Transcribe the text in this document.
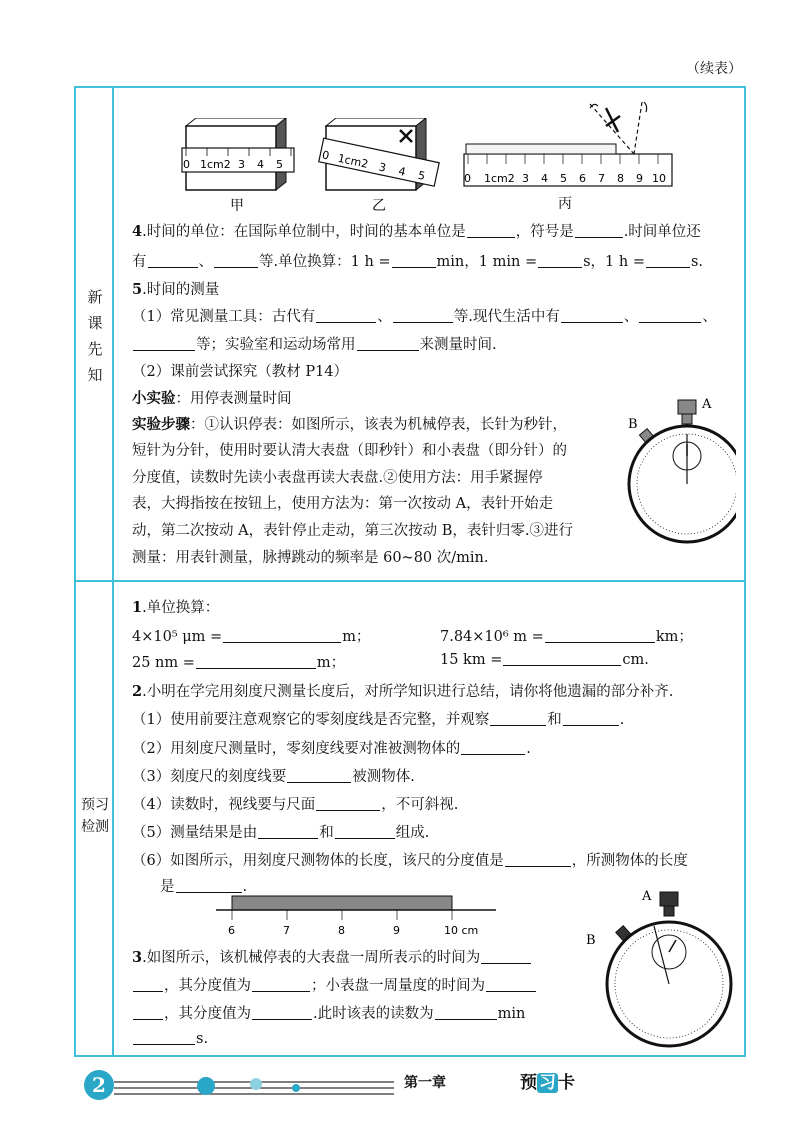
（续表）
新
课
先
知
预习
检测
0 1cm2 3 4 5
甲
0 1cm2 3 4 5
乙
0 1cm2 3 4 5 6 7 8 9 10
丙
4.时间的单位：在国际单位制中，时间的基本单位是	，符号是	.时间单位还
有	、	等.单位换算：1 h =	min，1 min =	s，1 h =	s.
5.时间的测量
（1）常见测量工具：古代有	、	等.现代生活中有	、	、
等；实验室和运动场常用	来测量时间.
（2）课前尝试探究（教材 P14）
小实验：用停表测量时间
实验步骤：①认识停表：如图所示，该表为机械停表，长针为秒针，
短针为分针，使用时要认清大表盘（即秒针）和小表盘（即分针）的
分度值，读数时先读小表盘再读大表盘.②使用方法：用手紧握停
表，大拇指按在按钮上，使用方法为：第一次按动 A，表针开始走
动，第二次按动 A，表针停止走动，第三次按动 B，表针归零.③进行
测量：用表针测量，脉搏跳动的频率是 60~80 次/min.
A
B
1.单位换算：
4×10⁵ μm =	m；	7.84×10⁶ m =	km；
25 nm =	m；	15 km =	cm.
2.小明在学完用刻度尺测量长度后，对所学知识进行总结，请你将他遗漏的部分补齐.
（1）使用前要注意观察它的零刻度线是否完整，并观察	和	.
（2）用刻度尺测量时，零刻度线要对准被测物体的	.
（3）刻度尺的刻度线要	被测物体.
（4）读数时，视线要与尺面	，不可斜视.
（5）测量结果是由	和	组成.
（6）如图所示，用刻度尺测物体的长度，该尺的分度值是	，所测物体的长度
是	.
6	7	8	9	10 cm
3.如图所示，该机械停表的大表盘一周所表示的时间为
，其分度值为	；小表盘一周量度的时间为
，其分度值为	.此时该表的读数为	min
s.
A
B
2	第一章	预 习 卡
